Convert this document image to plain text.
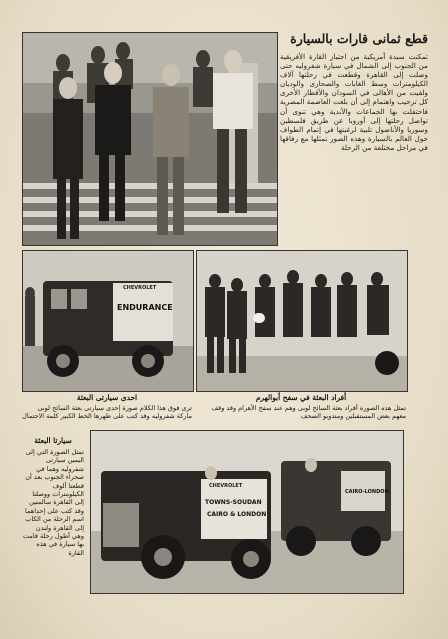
قطع ثمانى قارات بالسيارة
تمكنت سيدة أمريكية من اجتياز القارة الأفريقية من الجنوب إلى الشمال في سيارة شفروليه حتى وصلت إلى القاهرة وقطعت في رحلتها آلاف الكيلومترات وسط الغابات والصحارى والوديان ولقيت من الأهالى في السودان والأقطار الأخرى كل ترحيب واهتمام إلى أن بلغت العاصمة المصرية فاحتفلت بها الجماعات والأندية وهي تنوى أن تواصل رحلتها إلى أوروبا عن طريق فلسطين وسوريا والأناضول تلبية لرغبتها في إتمام الطواف حول العالم بالسيارة وهذه الصور تمثلها مع رفاقها في مراحل مختلفة من الرحلة
CHEVROLET
ENDURANCE
احدى سيارتى البعثة
ترى فوق هذا الكلام صورة إحدى سيارتى بعثة السائح لوبى ماركة شفروليه وقد كتب على ظهرها الخط الكبير كلمة الاحتمال
أفراد البعثة في سفح أبوالهرم
تمثل هذه الصورة أفراد بعثة السائح لوبى وهم عند سفح الأهرام وقد وقف معهم بعض المستقبلين ومندوبو الصحف
سيارتا البعثة
تمثل الصورة التي إلى اليمين سيارتى شفروليه وهما في صحراء الجنوب بعد أن قطعتا ألوف الكيلومترات ووصلتا إلى القاهرة سالمتين وقد كتب على إحداهما اسم الرحلة من الكاب إلى القاهرة ولندن وهي أطول رحلة قامت بها سيارة في هذه القارة
CHEVROLET
TOWNS-SOUDAN
CAIRO & LONDON
CAIRO-LONDON
